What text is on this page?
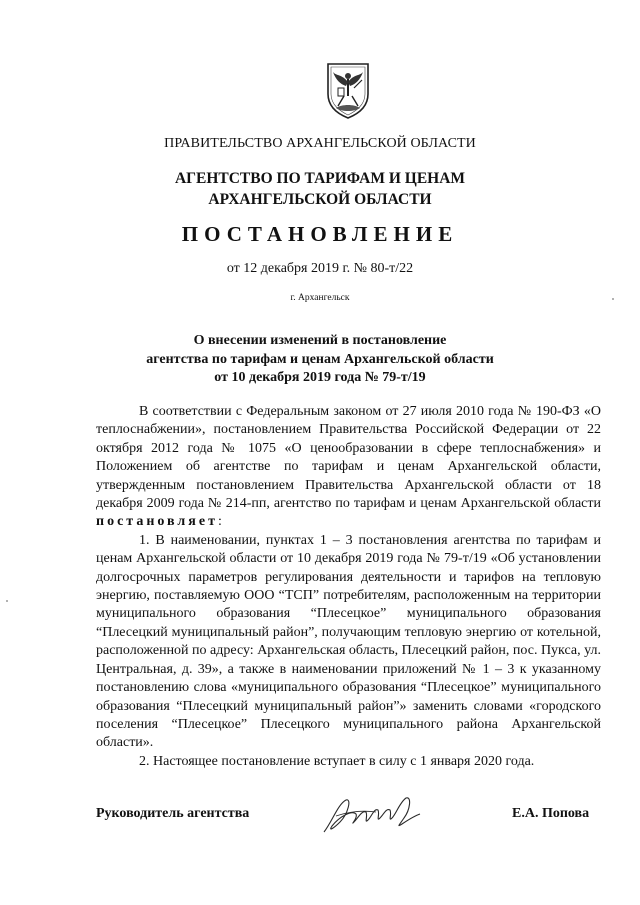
ПРАВИТЕЛЬСТВО АРХАНГЕЛЬСКОЙ ОБЛАСТИ
АГЕНТСТВО ПО ТАРИФАМ И ЦЕНАМ
АРХАНГЕЛЬСКОЙ ОБЛАСТИ
ПОСТАНОВЛЕНИЕ
от 12 декабря 2019 г. № 80-т/22
г. Архангельск
О внесении изменений в постановление
агентства по тарифам и ценам Архангельской области
от 10 декабря 2019 года № 79-т/19

В соответствии с Федеральным законом от 27 июля 2010 года № 190-ФЗ «О теплоснабжении», постановлением Правительства Российской Федерации от 22 октября 2012 года № 1075 «О ценообразовании в сфере теплоснабжения» и Положением об агентстве по тарифам и ценам Архангельской области, утвержденным постановлением Правительства Архангельской области от 18 декабря 2009 года № 214-пп, агентство по тарифам и ценам Архангельской области постановляет:

1. В наименовании, пунктах 1 – 3 постановления агентства по тарифам и ценам Архангельской области от 10 декабря 2019 года № 79-т/19 «Об установлении долгосрочных параметров регулирования деятельности и тарифов на тепловую энергию, поставляемую ООО “ТСП” потребителям, расположенным на территории муниципального образования “Плесецкое” муниципального образования “Плесецкий муниципальный район”, получающим тепловую энергию от котельной, расположенной по адресу: Архангельская область, Плесецкий район, пос. Пукса, ул. Центральная, д. 39», а также в наименовании приложений № 1 – 3 к указанному постановлению слова «муниципального образования “Плесецкое” муниципального образования “Плесецкий муниципальный район”» заменить словами «городского поселения “Плесецкое” Плесецкого муниципального района Архангельской области».

2. Настоящее постановление вступает в силу с 1 января 2020 года.

Руководитель агентства	Е.А. Попова
